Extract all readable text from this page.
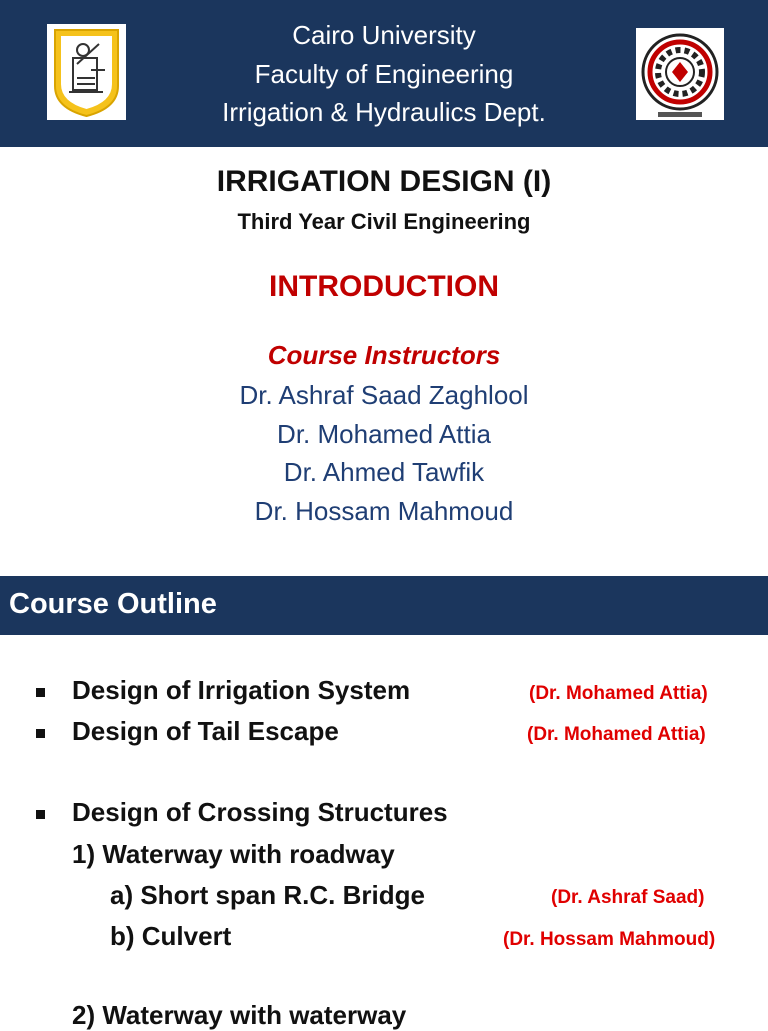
Cairo University
Faculty of Engineering
Irrigation & Hydraulics Dept.
IRRIGATION DESIGN (I)
Third Year Civil Engineering
INTRODUCTION
Course Instructors
Dr. Ashraf Saad Zaghlool
Dr. Mohamed Attia
Dr. Ahmed Tawfik
Dr. Hossam Mahmoud
Course Outline
Design of Irrigation System	(Dr. Mohamed Attia)
Design of Tail Escape	(Dr. Mohamed Attia)
Design of Crossing Structures
1) Waterway with roadway
a) Short span R.C. Bridge	(Dr. Ashraf Saad)
b) Culvert	(Dr. Hossam Mahmoud)
2) Waterway with waterway
